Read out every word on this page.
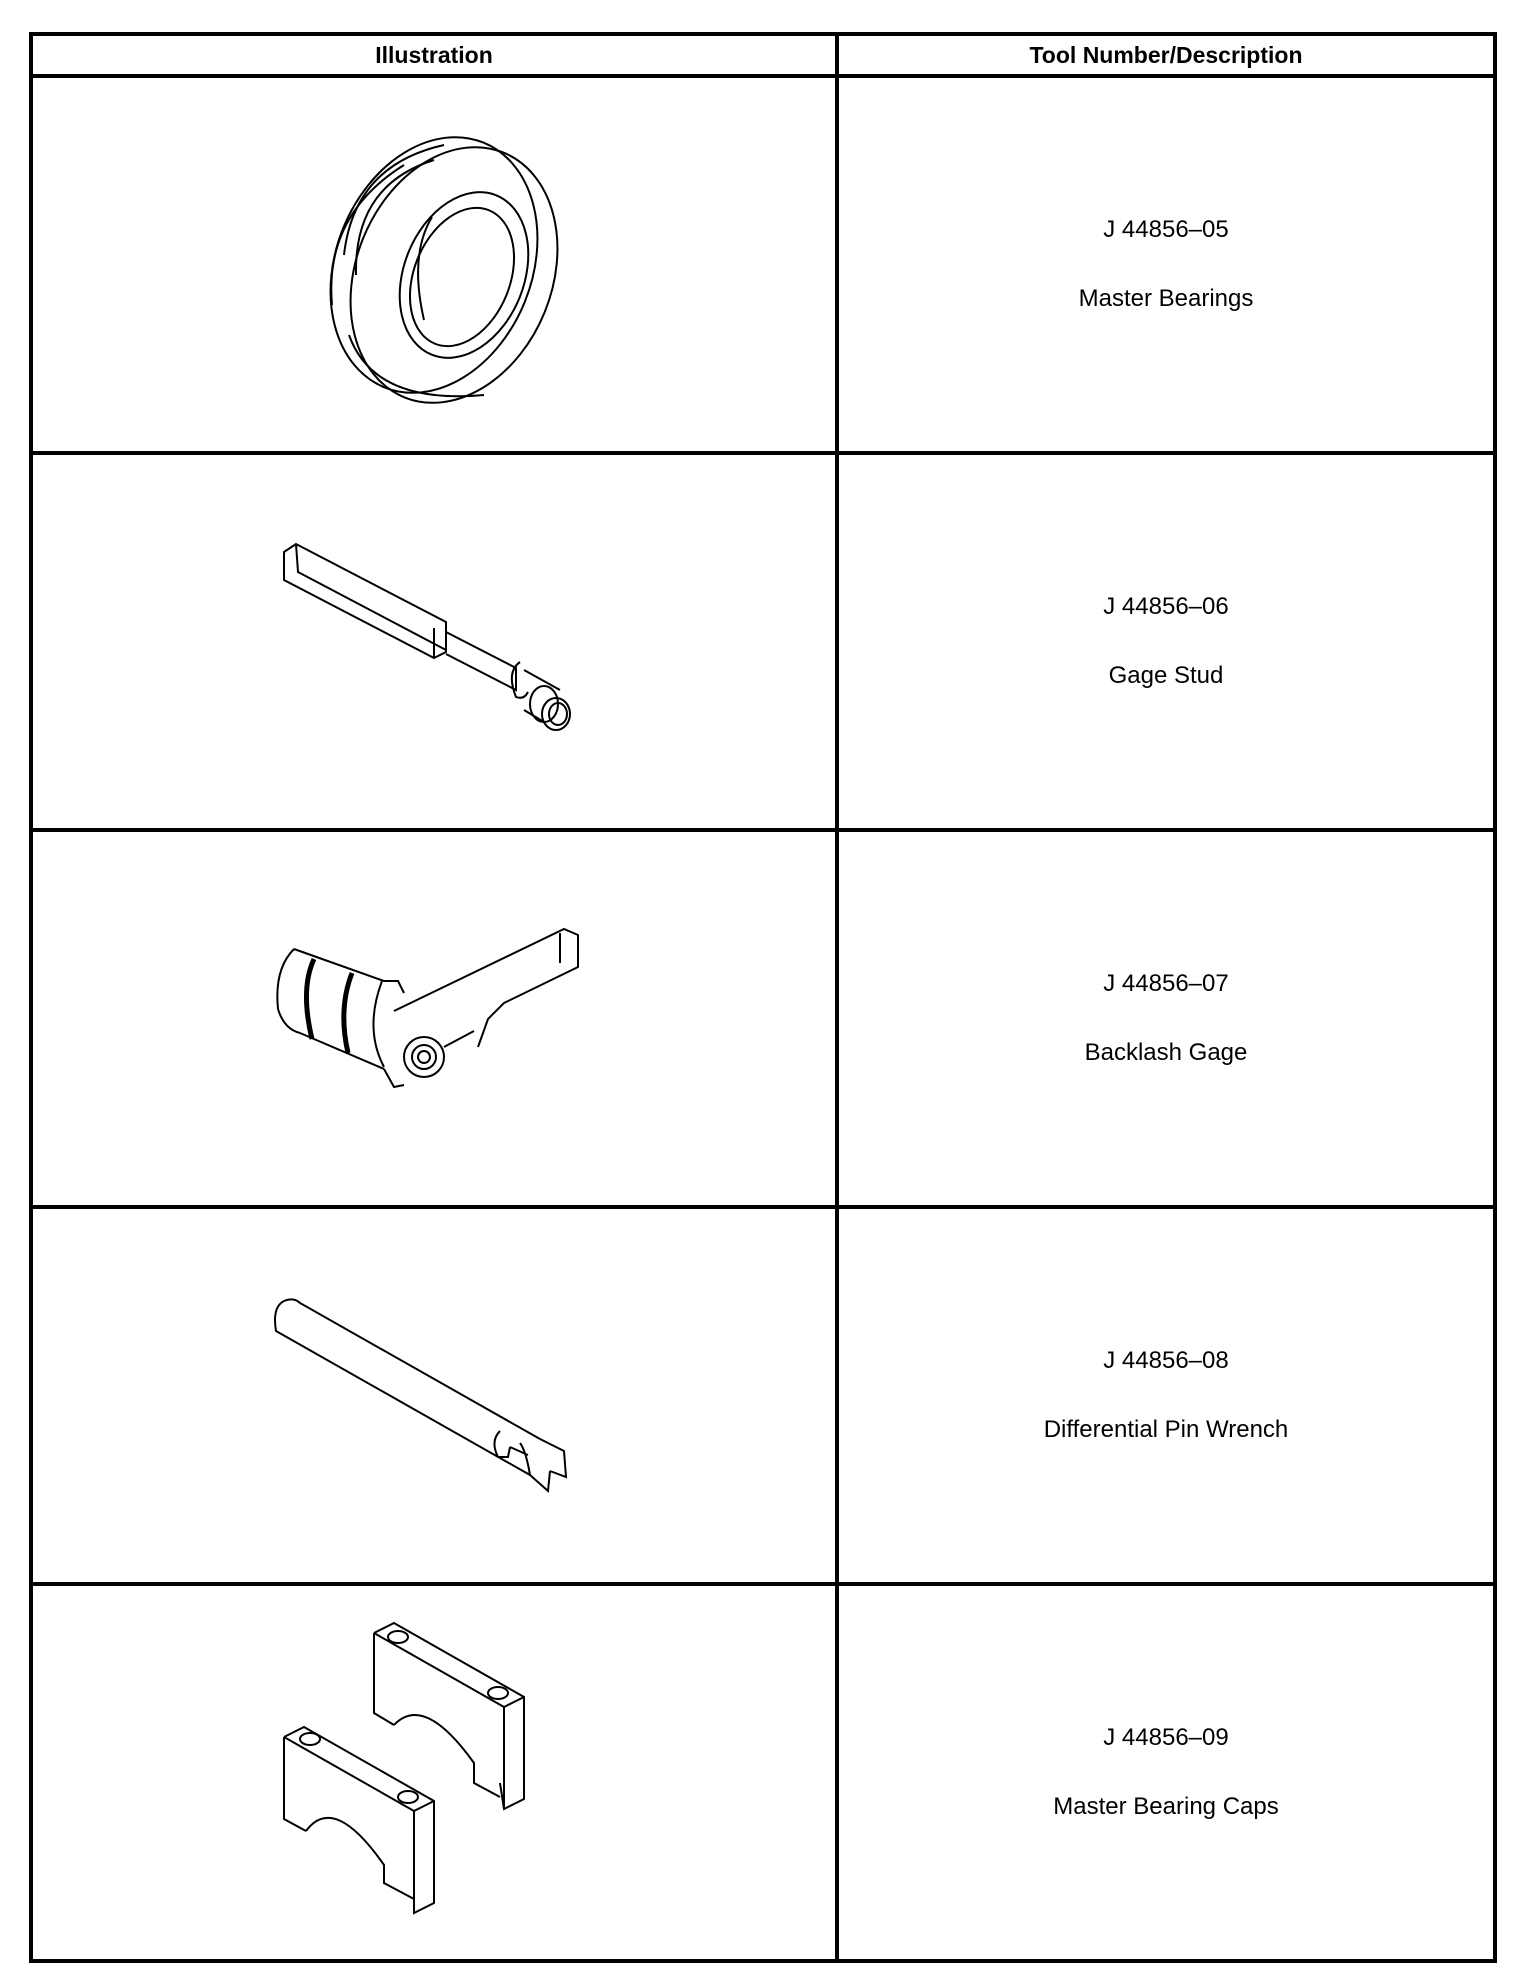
Illustration	Tool Number/Description

J 44856–05
Master Bearings

J 44856–06
Gage Stud

J 44856–07
Backlash Gage

J 44856–08
Differential Pin Wrench

J 44856–09
Master Bearing Caps
